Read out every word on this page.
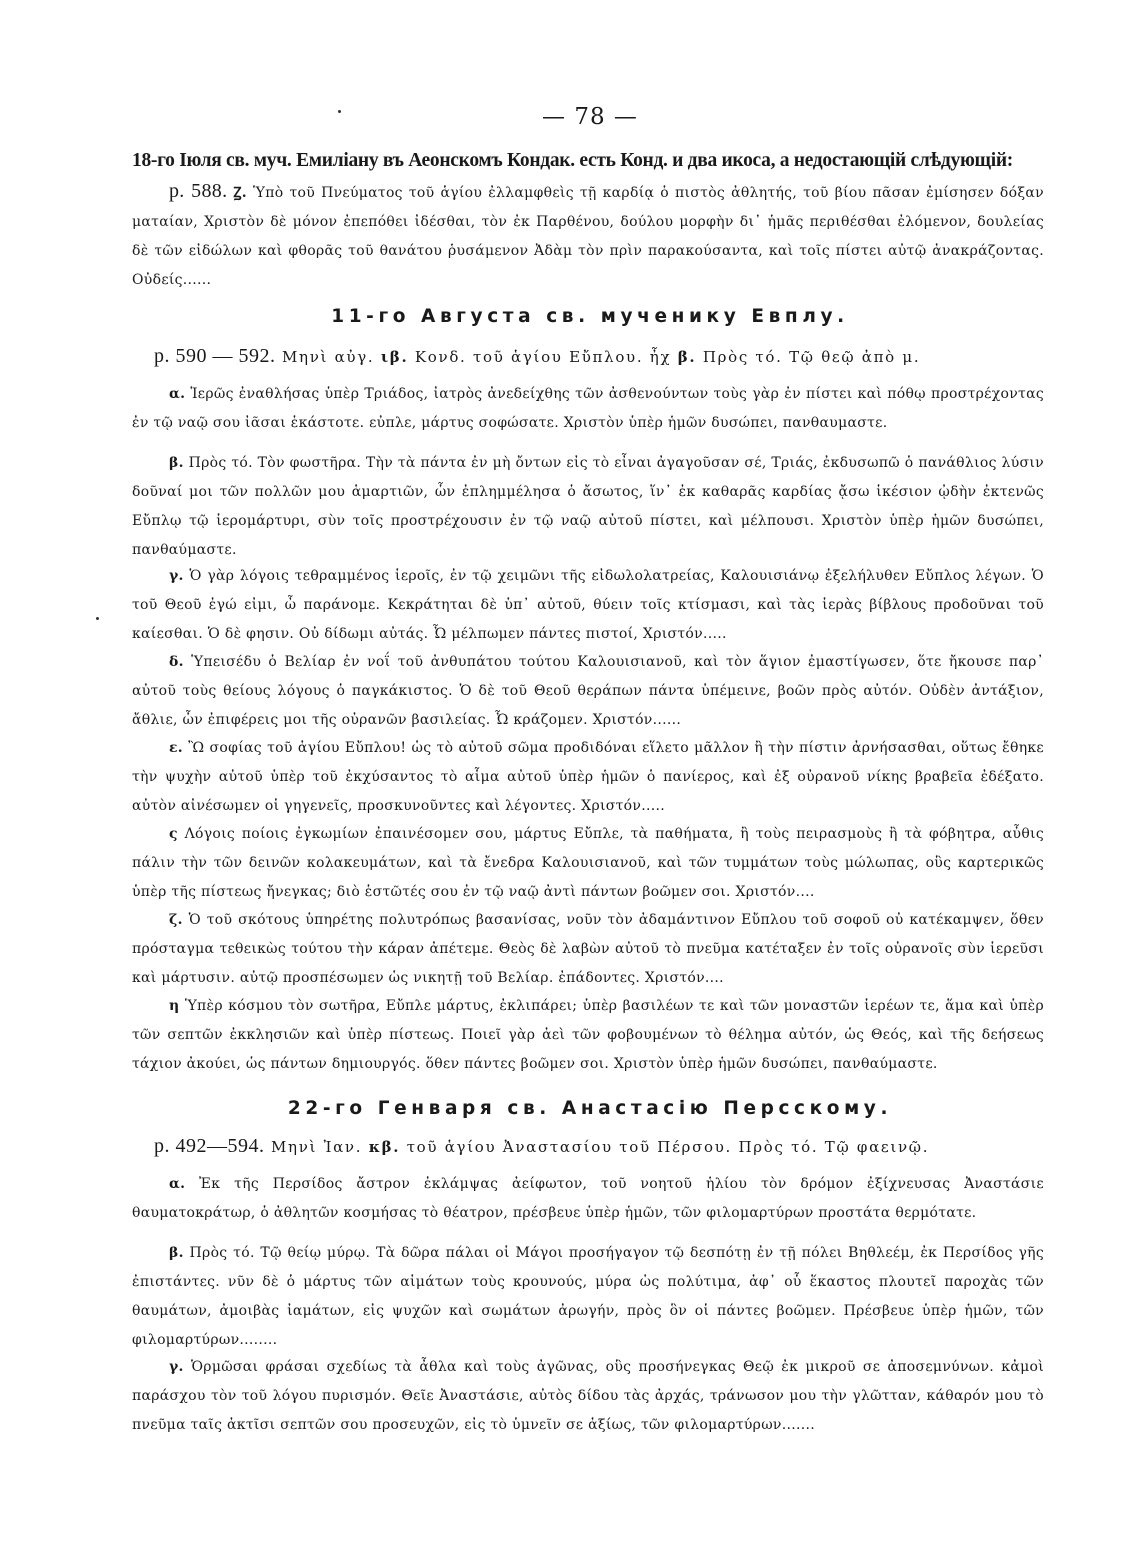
— 78 —
18-го Іюля св. муч. Емиліану въ Аеонскомъ Кондак. есть Конд. и два икоса, а недостающій слѣдующій:
р. 588. Ꙁ. Ὑπὸ τοῦ Πνεύματος τοῦ ἁγίου ἐλλαμφθεὶς τῇ καρδίᾳ ὁ πιστὸς ἀθλητής, τοῦ βίου πᾶσαν ἐμίσησεν δόξαν ματαίαν, Χριστὸν δὲ μόνον ἐπεπόθει ἰδέσθαι, τὸν ἐκ Παρθένου, δούλου μορφὴν δι᾽ ἡμᾶς περιθέσθαι ἐλόμενον, δουλείας δὲ τῶν εἰδώλων καὶ φθορᾶς τοῦ θανάτου ῥυσάμενον Ἀδὰμ τὸν πρὶν παρακούσαντα, καὶ τοῖς πίστει αὐτῷ ἀνακράζοντας. Οὐδείς......
11-го Августа св. мученику Евплу.
р. 590 — 592. Μηνὶ αὐγ. ιβ. Κονδ. τοῦ ἁγίου Εὔπλου. ἦχ β. Πρὸς τό. Τῷ θεῷ ἀπὸ μ.
α. Ἱερῶς ἐναθλήσας ὑπὲρ Τριάδος, ἰατρὸς ἀνεδείχθης τῶν ἀσθενούντων τοὺς γὰρ ἐν πίστει καὶ πόθῳ προστρέχοντας ἐν τῷ ναῷ σου ἰᾶσαι ἑκάστοτε. εὐπλε, μάρτυς σοφώσατε. Χριστὸν ὑπὲρ ἡμῶν δυσώπει, πανθαυμαστε.
β. Πρὸς τό. Τὸν φωστῆρα. Τὴν τὰ πάντα ἐν μὴ ὄντων εἰς τὸ εἶναι ἀγαγοῦσαν σέ, Τριάς, ἐκδυσωπῶ ὁ πανάθλιος λύσιν δοῦναί μοι τῶν πολλῶν μου ἁμαρτιῶν, ὧν ἐπλημμέλησα ὁ ἄσωτος, ἵν᾽ ἐκ καθαρᾶς καρδίας ᾄσω ἱκέσιον ᾠδὴν ἐκτενῶς Εὔπλῳ τῷ ἱερομάρτυρι, σὺν τοῖς προστρέχουσιν ἐν τῷ ναῷ αὐτοῦ πίστει, καὶ μέλπουσι. Χριστὸν ὑπὲρ ἡμῶν δυσώπει, πανθαύμαστε.
γ. Ὁ γὰρ λόγοις τεθραμμένος ἱεροῖς, ἐν τῷ χειμῶνι τῆς εἰδωλολατρείας, Καλουισιάνῳ ἐξελήλυθεν Εὔπλος λέγων. Ὁ τοῦ Θεοῦ ἐγώ εἰμι, ὦ παράνομε. Κεκράτηται δὲ ὑπ᾽ αὐτοῦ, θύειν τοῖς κτίσμασι, καὶ τὰς ἱερὰς βίβλους προδοῦναι τοῦ καίεσθαι. Ὁ δὲ φησιν. Οὐ δίδωμι αὐτάς. Ὦ μέλπωμεν πάντες πιστοί, Χριστόν.....
δ. Ὑπεισέδυ ὁ Βελίαρ ἐν νοΐ τοῦ ἀνθυπάτου τούτου Καλουισιανοῦ, καὶ τὸν ἅγιον ἐμαστίγωσεν, ὅτε ἤκουσε παρ᾽ αὐτοῦ τοὺς θείους λόγους ὁ παγκάκιστος. Ὁ δὲ τοῦ Θεοῦ θεράπων πάντα ὑπέμεινε, βοῶν πρὸς αὐτόν. Οὐδὲν ἀντάξιον, ἄθλιε, ὧν ἐπιφέρεις μοι τῆς οὐρανῶν βασιλείας. Ὦ κράζομεν. Χριστόν......
ε. Ὢ σοφίας τοῦ ἁγίου Εὔπλου! ὡς τὸ αὐτοῦ σῶμα προδιδόναι εἵλετο μᾶλλον ἢ τὴν πίστιν ἀρνήσασθαι, οὕτως ἔθηκε τὴν ψυχὴν αὐτοῦ ὑπὲρ τοῦ ἐκχύσαντος τὸ αἷμα αὐτοῦ ὑπὲρ ἡμῶν ὁ πανίερος, καὶ ἐξ οὐρανοῦ νίκης βραβεῖα ἐδέξατο. αὐτὸν αἰνέσωμεν οἱ γηγενεῖς, προσκυνοῦντες καὶ λέγοντες. Χριστόν.....
ς Λόγοις ποίοις ἐγκωμίων ἐπαινέσομεν σου, μάρτυς Εὔπλε, τὰ παθήματα, ἢ τοὺς πειρασμοὺς ἢ τὰ φόβητρα, αὖθις πάλιν τὴν τῶν δεινῶν κολακευμάτων, καὶ τὰ ἔνεδρα Καλουισιανοῦ, καὶ τῶν τυμμάτων τοὺς μώλωπας, οὓς καρτερικῶς ὑπὲρ τῆς πίστεως ἤνεγκας; διὸ ἑστῶτές σου ἐν τῷ ναῷ ἀντὶ πάντων βοῶμεν σοι. Χριστόν....
ζ. Ὁ τοῦ σκότους ὑπηρέτης πολυτρόπως βασανίσας, νοῦν τὸν ἀδαμάντινον Εὔπλου τοῦ σοφοῦ οὐ κατέκαμψεν, ὅθεν πρόσταγμα τεθεικὼς τούτου τὴν κάραν ἀπέτεμε. Θεὸς δὲ λαβὼν αὐτοῦ τὸ πνεῦμα κατέταξεν ἐν τοῖς οὐρανοῖς σὺν ἱερεῦσι καὶ μάρτυσιν. αὐτῷ προσπέσωμεν ὡς νικητῇ τοῦ Βελίαρ. ἐπάδοντες. Χριστόν....
η Ὑπὲρ κόσμου τὸν σωτῆρα, Εὔπλε μάρτυς, ἐκλιπάρει; ὑπὲρ βασιλέων τε καὶ τῶν μοναστῶν ἱερέων τε, ἅμα καὶ ὑπὲρ τῶν σεπτῶν ἐκκλησιῶν καὶ ὑπὲρ πίστεως. Ποιεῖ γὰρ ἀεὶ τῶν φοβουμένων τὸ θέλημα αὐτόν, ὡς Θεός, καὶ τῆς δεήσεως τάχιον ἀκούει, ὡς πάντων δημιουργός. ὅθεν πάντες βοῶμεν σοι. Χριστὸν ὑπὲρ ἡμῶν δυσώπει, πανθαύμαστε.
22-го Генваря св. Анастасію Персскому.
р. 492—594. Μηνὶ Ἰαν. κβ. τοῦ ἁγίου Ἀναστασίου τοῦ Πέρσου. Πρὸς τό. Τῷ φαεινῷ.
α. Ἐκ τῆς Περσίδος ἄστρον ἐκλάμψας ἀείφωτον, τοῦ νοητοῦ ἡλίου τὸν δρόμον ἐξίχνευσας Ἀναστάσιε θαυματοκράτωρ, ὁ ἀθλητῶν κοσμήσας τὸ θέατρον, πρέσβευε ὑπὲρ ἡμῶν, τῶν φιλομαρτύρων προστάτα θερμότατε.
β. Πρὸς τό. Τῷ θείῳ μύρῳ. Τὰ δῶρα πάλαι οἱ Μάγοι προσήγαγον τῷ δεσπότῃ ἐν τῇ πόλει Βηθλεέμ, ἐκ Περσίδος γῆς ἐπιστάντες. νῦν δὲ ὁ μάρτυς τῶν αἱμάτων τοὺς κρουνούς, μύρα ὡς πολύτιμα, ἀφ᾽ οὗ ἕκαστος πλουτεῖ παροχὰς τῶν θαυμάτων, ἀμοιβὰς ἰαμάτων, εἰς ψυχῶν καὶ σωμάτων ἀρωγήν, πρὸς ὃν οἱ πάντες βοῶμεν. Πρέσβευε ὑπὲρ ἡμῶν, τῶν φιλομαρτύρων........
γ. Ὁρμῶσαι φράσαι σχεδίως τὰ ἆθλα καὶ τοὺς ἀγῶνας, οὓς προσήνεγκας Θεῷ ἐκ μικροῦ σε ἀποσεμνύνων. κἀμοὶ παράσχου τὸν τοῦ λόγου πυρισμόν. Θεῖε Ἀναστάσιε, αὐτὸς δίδου τὰς ἀρχάς, τράνωσον μου τὴν γλῶτταν, κάθαρόν μου τὸ πνεῦμα ταῖς ἀκτῖσι σεπτῶν σου προσευχῶν, εἰς τὸ ὑμνεῖν σε ἀξίως, τῶν φιλομαρτύρων.......
